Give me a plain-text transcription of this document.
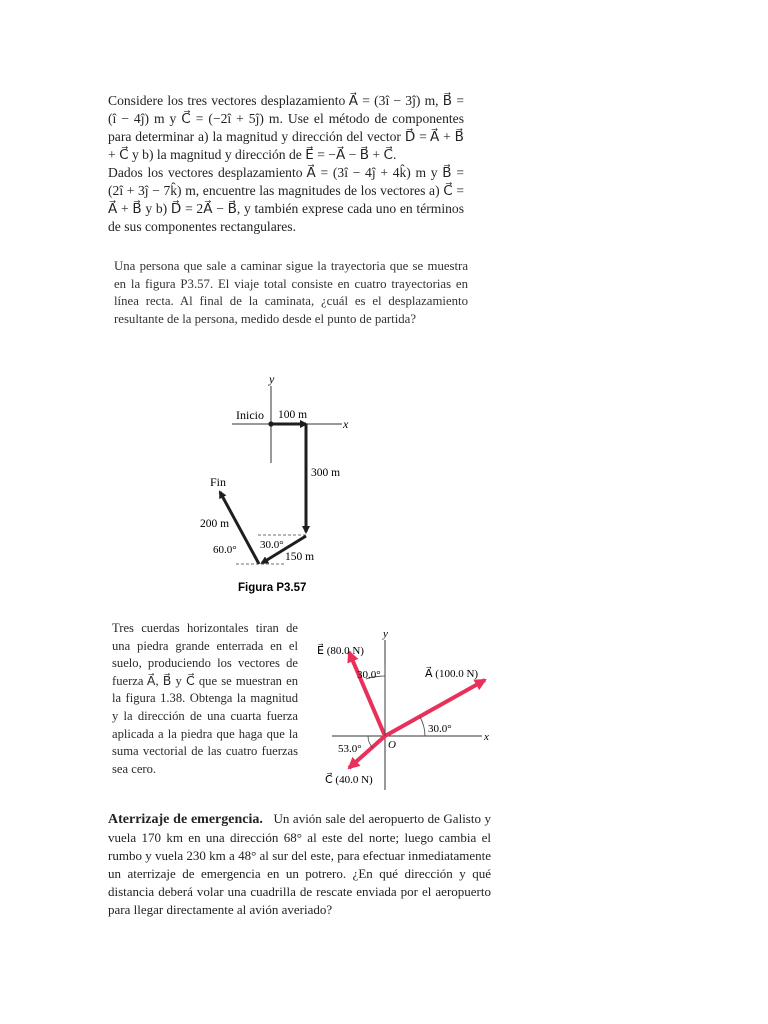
Considere los tres vectores desplazamiento A⃗ = (3î − 3ĵ) m, B⃗ = (î − 4ĵ) m y C⃗ = (−2î + 5ĵ) m. Use el método de componentes para determinar a) la magnitud y dirección del vector D⃗ = A⃗ + B⃗ + C⃗ y b) la magnitud y dirección de E⃗ = −A⃗ − B⃗ + C⃗.
Dados los vectores desplazamiento A⃗ = (3î − 4ĵ + 4k̂) m y B⃗ = (2î + 3ĵ − 7k̂) m, encuentre las magnitudes de los vectores a) C⃗ = A⃗ + B⃗ y b) D⃗ = 2A⃗ − B⃗, y también exprese cada uno en términos de sus componentes rectangulares.
Una persona que sale a caminar sigue la trayectoria que se muestra en la figura P3.57. El viaje total consiste en cuatro trayectorias en línea recta. Al final de la caminata, ¿cuál es el desplazamiento resultante de la persona, medido desde el punto de partida?
y
x
Inicio 100 m
300 m
150 m
200 m
Fin
30.0°
60.0°
Figura P3.57
y
x
O
E⃗ (80.0 N)
A⃗ (100.0 N)
C⃗ (40.0 N)
30.0°
30.0°
53.0°
Tres cuerdas horizontales tiran de una piedra grande enterrada en el suelo, produciendo los vectores de fuerza A⃗, B⃗ y C⃗ que se muestran en la figura 1.38. Obtenga la magnitud y la dirección de una cuarta fuerza aplicada a la piedra que haga que la suma vectorial de las cuatro fuerzas sea cero.
Aterrizaje de emergencia. Un avión sale del aeropuerto de Galisto y vuela 170 km en una dirección 68° al este del norte; luego cambia el rumbo y vuela 230 km a 48° al sur del este, para efectuar inmediatamente un aterrizaje de emergencia en un potrero. ¿En qué dirección y qué distancia deberá volar una cuadrilla de rescate enviada por el aeropuerto para llegar directamente al avión averiado?
